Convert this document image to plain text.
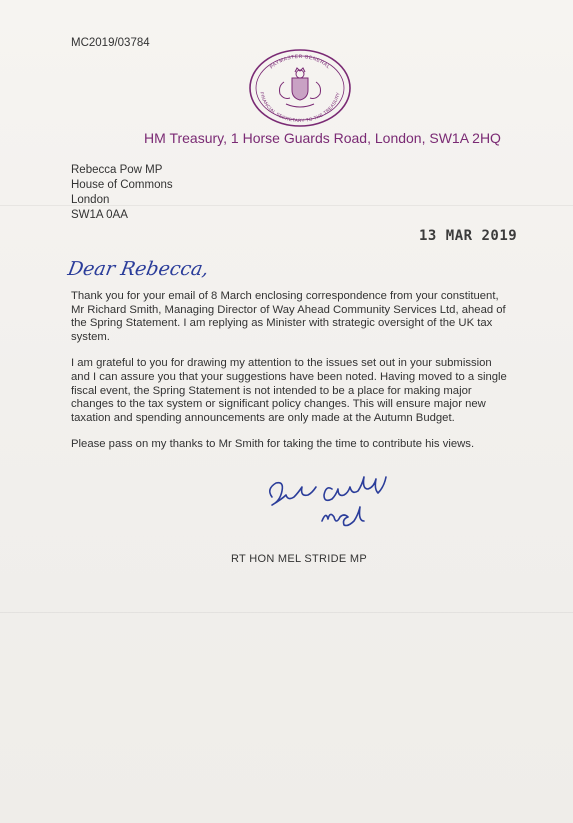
MC2019/03784
PAYMASTER GENERAL
FINANCIAL SECRETARY TO THE TREASURY
HM Treasury, 1 Horse Guards Road, London, SW1A 2HQ
Rebecca Pow MP
House of Commons
London
SW1A 0AA
13 MAR 2019
Dear Rebecca,

Thank you for your email of 8 March enclosing correspondence from your constituent, Mr Richard Smith, Managing Director of Way Ahead Community Services Ltd, ahead of the Spring Statement. I am replying as Minister with strategic oversight of the UK tax system.

I am grateful to you for drawing my attention to the issues set out in your submission and I can assure you that your suggestions have been noted. Having moved to a single fiscal event, the Spring Statement is not intended to be a place for making major changes to the tax system or significant policy changes. This will ensure major new taxation and spending announcements are only made at the Autumn Budget.

Please pass on my thanks to Mr Smith for taking the time to contribute his views.

RT HON MEL STRIDE MP
